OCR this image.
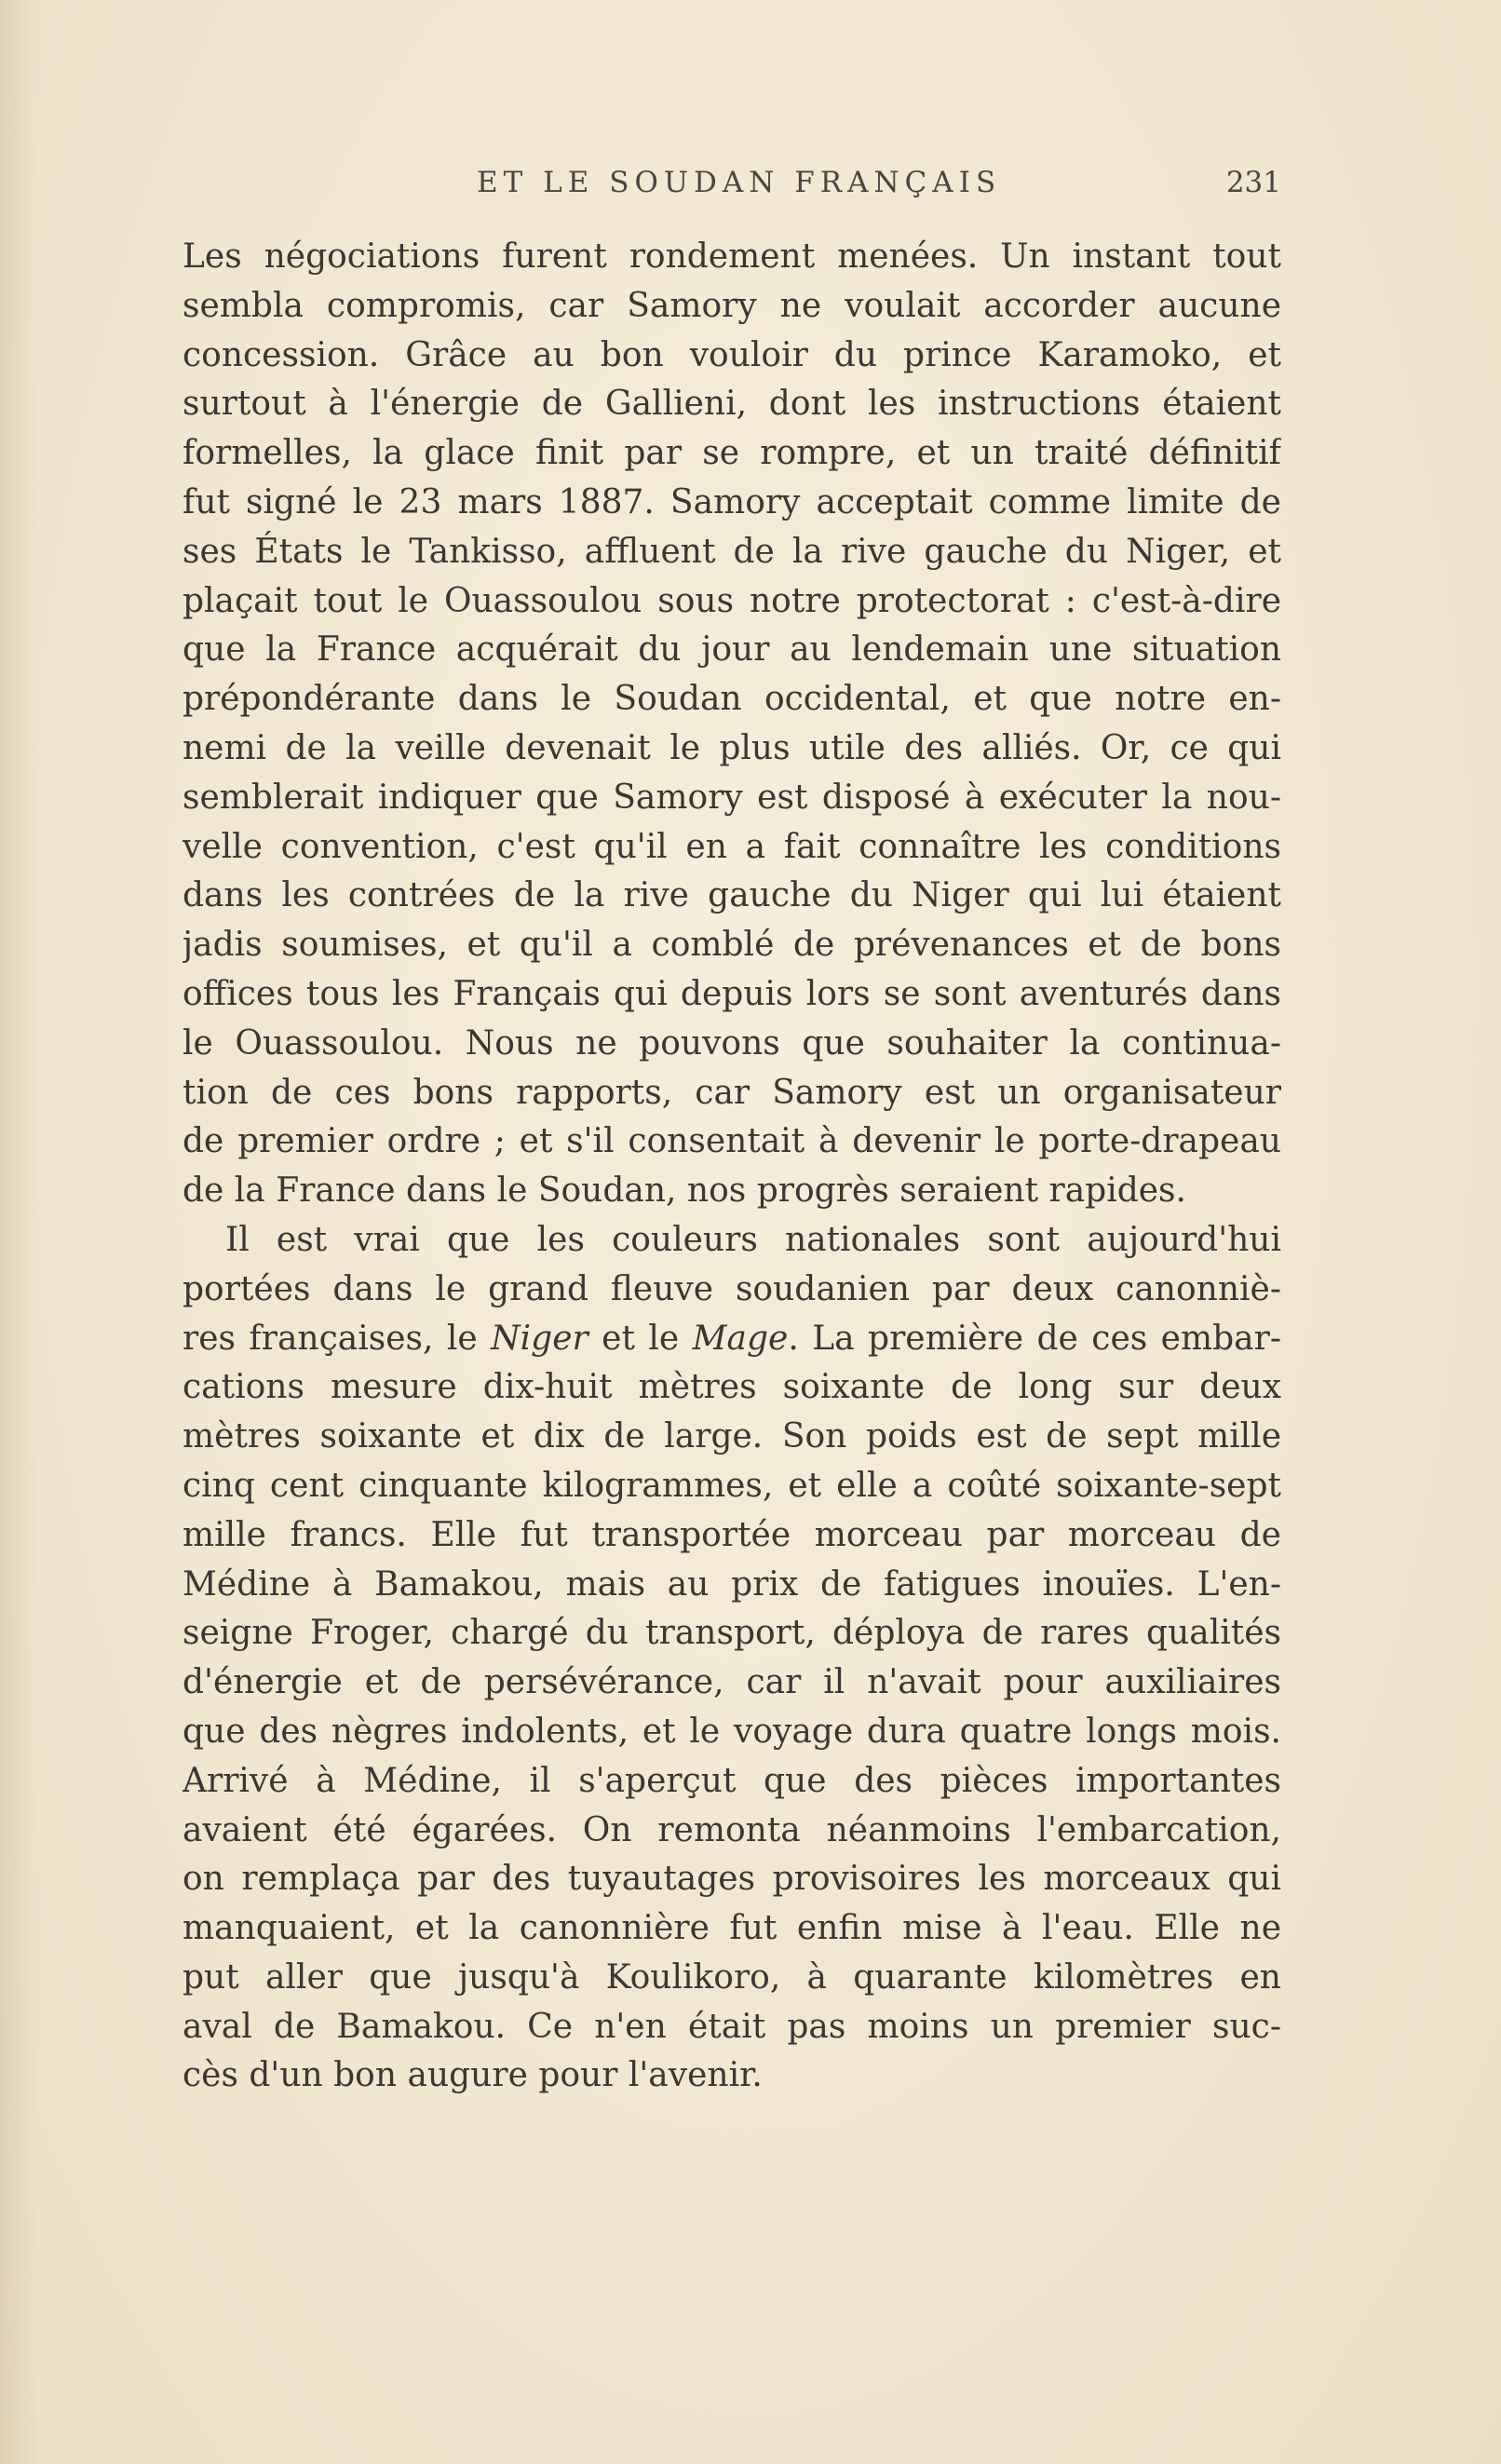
ET LE SOUDAN FRANÇAIS	231
Les négociations furent rondement menées. Un instant tout
sembla compromis, car Samory ne voulait accorder aucune
concession. Grâce au bon vouloir du prince Karamoko, et
surtout à l'énergie de Gallieni, dont les instructions étaient
formelles, la glace finit par se rompre, et un traité définitif
fut signé le 23 mars 1887. Samory acceptait comme limite de
ses États le Tankisso, affluent de la rive gauche du Niger, et
plaçait tout le Ouassoulou sous notre protectorat : c'est-à-dire
que la France acquérait du jour au lendemain une situation
prépondérante dans le Soudan occidental, et que notre en-
nemi de la veille devenait le plus utile des alliés. Or, ce qui
semblerait indiquer que Samory est disposé à exécuter la nou-
velle convention, c'est qu'il en a fait connaître les conditions
dans les contrées de la rive gauche du Niger qui lui étaient
jadis soumises, et qu'il a comblé de prévenances et de bons
offices tous les Français qui depuis lors se sont aventurés dans
le Ouassoulou. Nous ne pouvons que souhaiter la continua-
tion de ces bons rapports, car Samory est un organisateur
de premier ordre ; et s'il consentait à devenir le porte-drapeau
de la France dans le Soudan, nos progrès seraient rapides.
Il est vrai que les couleurs nationales sont aujourd'hui
portées dans le grand fleuve soudanien par deux canonniè-
res françaises, le Niger et le Mage. La première de ces embar-
cations mesure dix-huit mètres soixante de long sur deux
mètres soixante et dix de large. Son poids est de sept mille
cinq cent cinquante kilogrammes, et elle a coûté soixante-sept
mille francs. Elle fut transportée morceau par morceau de
Médine à Bamakou, mais au prix de fatigues inouïes. L'en-
seigne Froger, chargé du transport, déploya de rares qualités
d'énergie et de persévérance, car il n'avait pour auxiliaires
que des nègres indolents, et le voyage dura quatre longs mois.
Arrivé à Médine, il s'aperçut que des pièces importantes
avaient été égarées. On remonta néanmoins l'embarcation,
on remplaça par des tuyautages provisoires les morceaux qui
manquaient, et la canonnière fut enfin mise à l'eau. Elle ne
put aller que jusqu'à Koulikoro, à quarante kilomètres en
aval de Bamakou. Ce n'en était pas moins un premier suc-
cès d'un bon augure pour l'avenir.
